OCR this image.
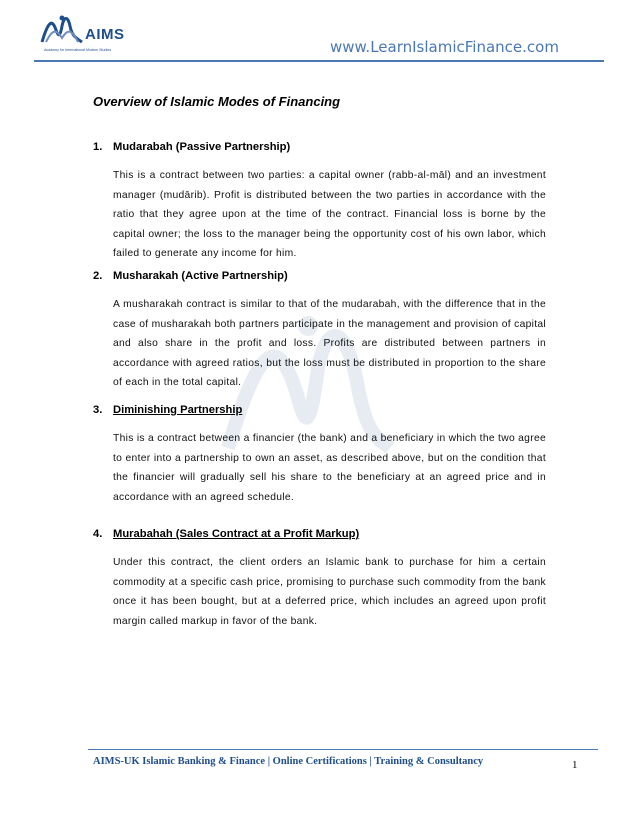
AIMS
Academy for International Modern Studies	www.LearnIslamicFinance.com
Overview of Islamic Modes of Financing

1. Mudarabah (Passive Partnership)

This is a contract between two parties: a capital owner (rabb-al-māl) and an investment manager (mudārib). Profit is distributed between the two parties in accordance with the ratio that they agree upon at the time of the contract. Financial loss is borne by the capital owner; the loss to the manager being the opportunity cost of his own labor, which failed to generate any income for him.

2. Musharakah (Active Partnership)

A musharakah contract is similar to that of the mudarabah, with the difference that in the case of musharakah both partners participate in the management and provision of capital and also share in the profit and loss. Profits are distributed between partners in accordance with agreed ratios, but the loss must be distributed in proportion to the share of each in the total capital.

3. Diminishing Partnership

This is a contract between a financier (the bank) and a beneficiary in which the two agree to enter into a partnership to own an asset, as described above, but on the condition that the financier will gradually sell his share to the beneficiary at an agreed price and in accordance with an agreed schedule.

4. Murabahah (Sales Contract at a Profit Markup)

Under this contract, the client orders an Islamic bank to purchase for him a certain commodity at a specific cash price, promising to purchase such commodity from the bank once it has been bought, but at a deferred price, which includes an agreed upon profit margin called markup in favor of the bank.

AIMS-UK Islamic Banking & Finance | Online Certifications | Training & Consultancy	1
